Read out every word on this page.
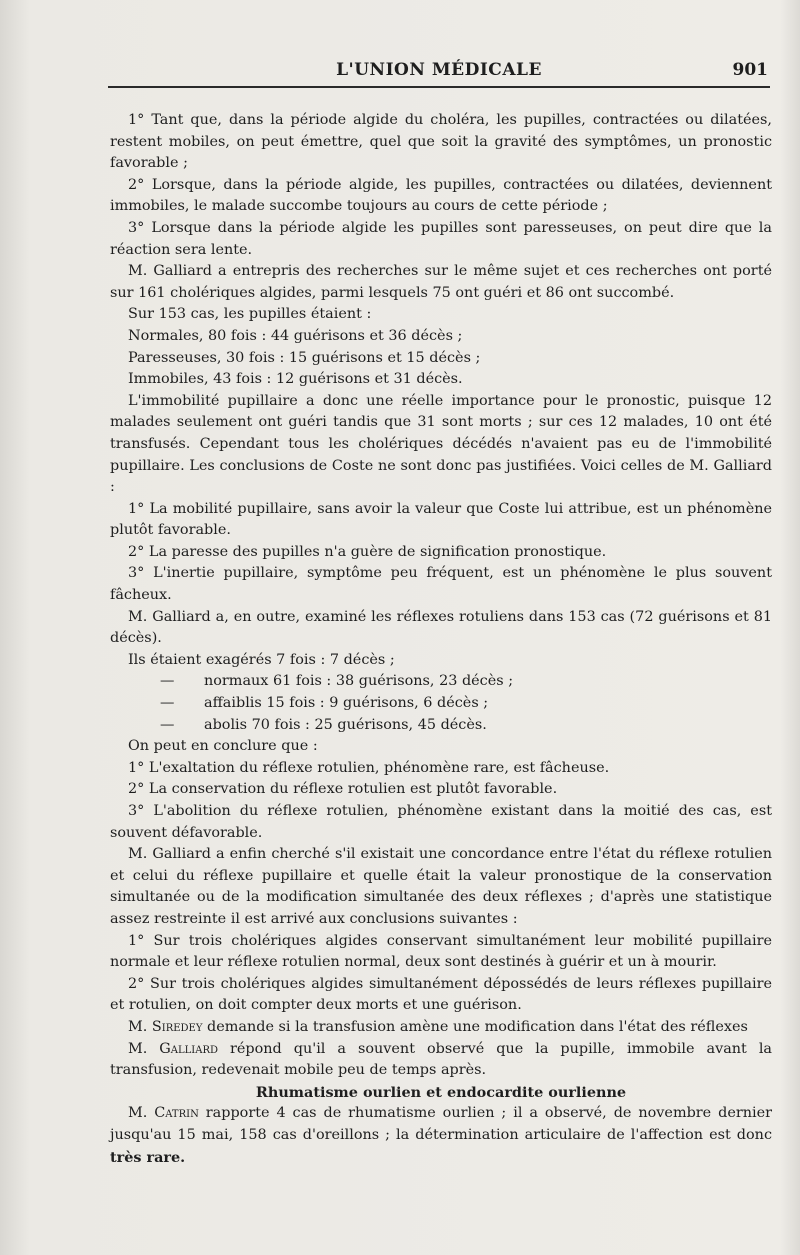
L'UNION MÉDICALE	901

1° Tant que, dans la période algide du choléra, les pupilles, contractées ou dilatées, restent mobiles, on peut émettre, quel que soit la gravité des symptômes, un pronostic favorable ;

2° Lorsque, dans la période algide, les pupilles, contractées ou dilatées, deviennent immobiles, le malade succombe toujours au cours de cette période ;

3° Lorsque dans la période algide les pupilles sont paresseuses, on peut dire que la réaction sera lente.

M. Galliard a entrepris des recherches sur le même sujet et ces recherches ont porté sur 161 cholériques algides, parmi lesquels 75 ont guéri et 86 ont succombé.

Sur 153 cas, les pupilles étaient :

Normales, 80 fois : 44 guérisons et 36 décès ;

Paresseuses, 30 fois : 15 guérisons et 15 décès ;

Immobiles, 43 fois : 12 guérisons et 31 décès.

L'immobilité pupillaire a donc une réelle importance pour le pronostic, puisque 12 malades seulement ont guéri tandis que 31 sont morts ; sur ces 12 malades, 10 ont été transfusés. Cependant tous les cholériques décédés n'avaient pas eu de l'immobilité pupillaire. Les conclusions de Coste ne sont donc pas justifiées. Voici celles de M. Galliard :

1° La mobilité pupillaire, sans avoir la valeur que Coste lui attribue, est un phénomène plutôt favorable.

2° La paresse des pupilles n'a guère de signification pronostique.

3° L'inertie pupillaire, symptôme peu fréquent, est un phénomène le plus souvent fâcheux.

M. Galliard a, en outre, examiné les réflexes rotuliens dans 153 cas (72 guérisons et 81 décès).

Ils étaient exagérés 7 fois : 7 décès ;

— normaux 61 fois : 38 guérisons, 23 décès ;

— affaiblis 15 fois : 9 guérisons, 6 décès ;

— abolis 70 fois : 25 guérisons, 45 décès.

On peut en conclure que :

1° L'exaltation du réflexe rotulien, phénomène rare, est fâcheuse.

2° La conservation du réflexe rotulien est plutôt favorable.

3° L'abolition du réflexe rotulien, phénomène existant dans la moitié des cas, est souvent défavorable.

M. Galliard a enfin cherché s'il existait une concordance entre l'état du réflexe rotulien et celui du réflexe pupillaire et quelle était la valeur pronostique de la conservation simultanée ou de la modification simultanée des deux réflexes ; d'après une statistique assez restreinte il est arrivé aux conclusions suivantes :

1° Sur trois cholériques algides conservant simultanément leur mobilité pupillaire normale et leur réflexe rotulien normal, deux sont destinés à guérir et un à mourir.

2° Sur trois cholériques algides simultanément dépossédés de leurs réflexes pupillaire et rotulien, on doit compter deux morts et une guérison.

M. Siredey demande si la transfusion amène une modification dans l'état des réflexes

M. Galliard répond qu'il a souvent observé que la pupille, immobile avant la transfusion, redevenait mobile peu de temps après.

Rhumatisme ourlien et endocardite ourlienne

M. Catrin rapporte 4 cas de rhumatisme ourlien ; il a observé, de novembre dernier jusqu'au 15 mai, 158 cas d'oreillons ; la détermination articulaire de l'affection est donc très rare.
